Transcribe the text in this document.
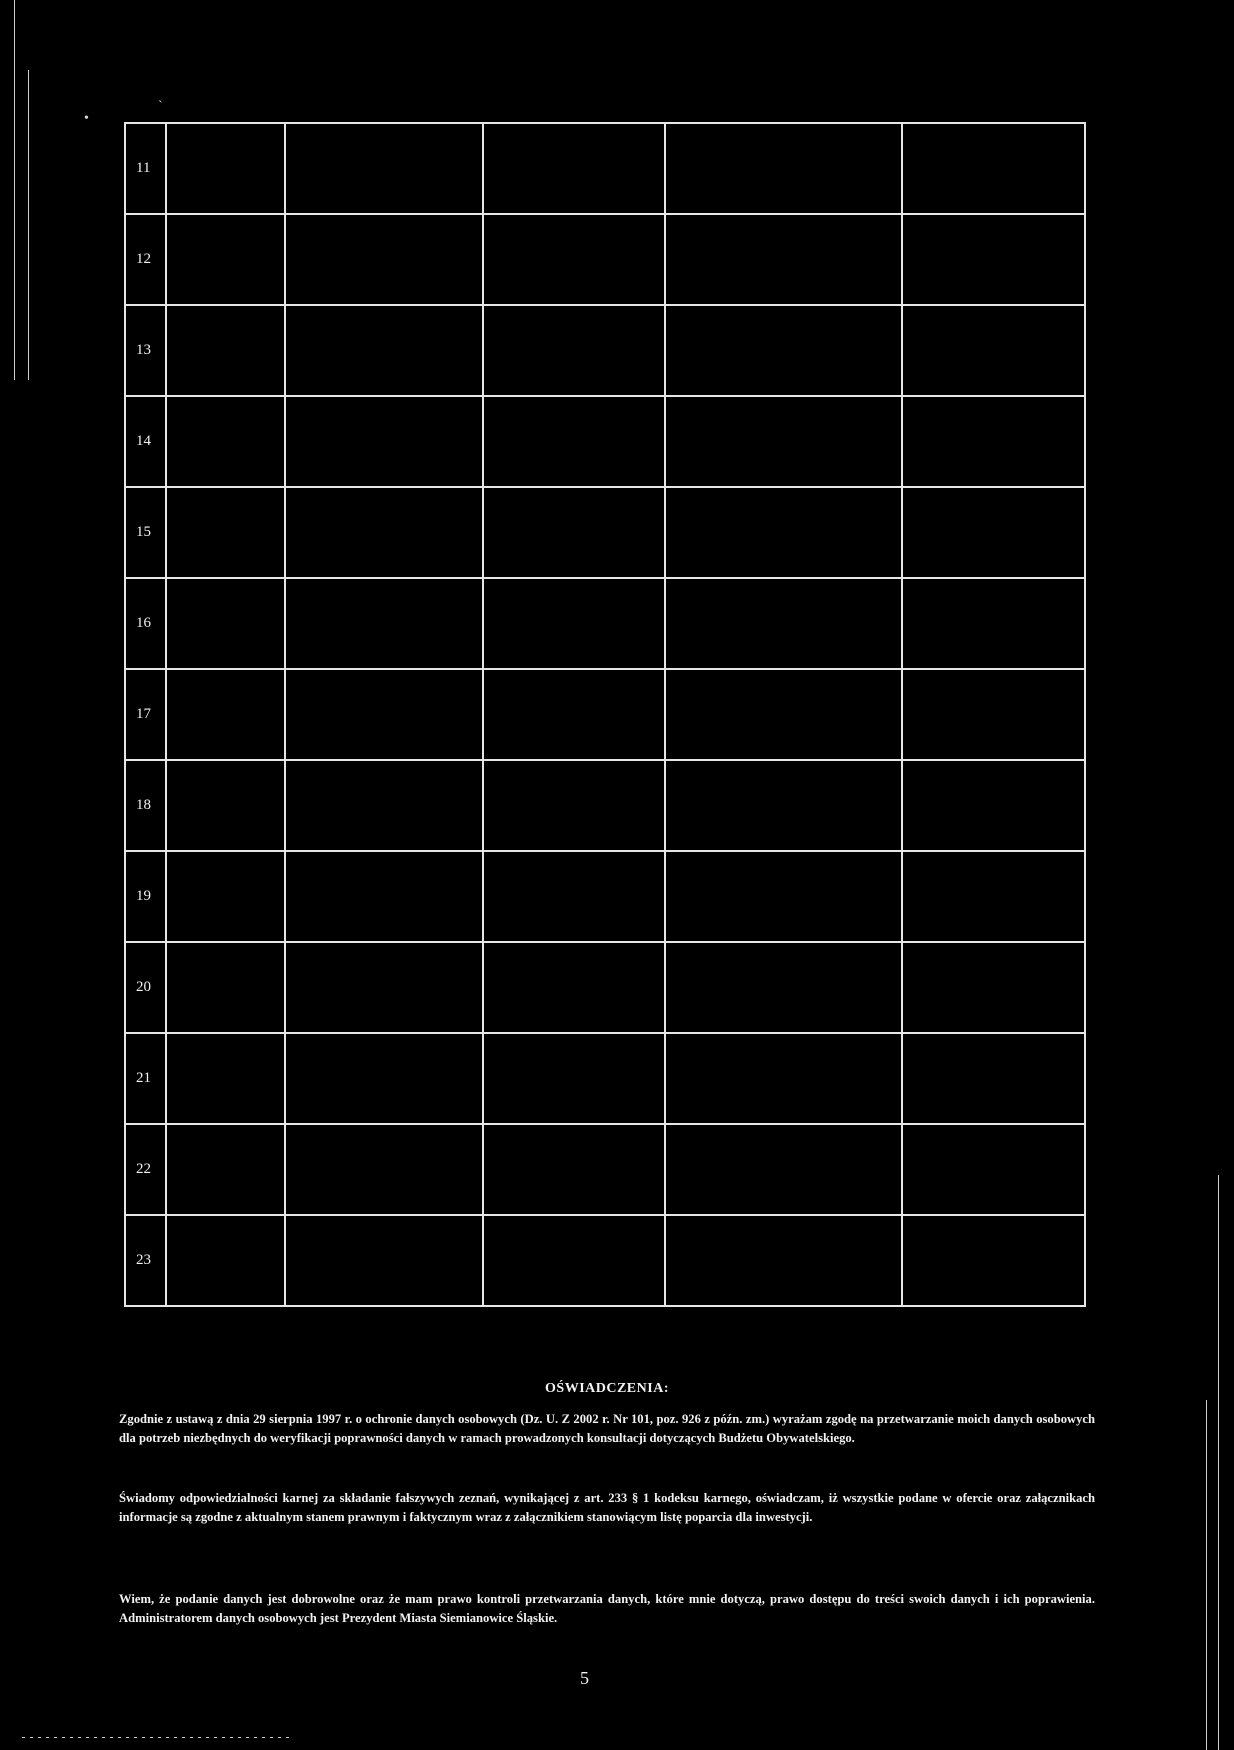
•
ˋ
11					
12					
13					
14					
15					
16					
17					
18					
19					
20					
21					
22					
23					
OŚWIADCZENIA:

Zgodnie z ustawą z dnia 29 sierpnia 1997 r. o ochronie danych osobowych (Dz. U. Z 2002 r. Nr 101, poz. 926 z późn. zm.) wyrażam zgodę na przetwarzanie moich danych osobowych dla potrzeb niezbędnych do weryfikacji poprawności danych w ramach prowadzonych konsultacji dotyczących Budżetu Obywatelskiego.

Świadomy odpowiedzialności karnej za składanie fałszywych zeznań, wynikającej z art. 233 § 1 kodeksu karnego, oświadczam, iż wszystkie podane w ofercie oraz załącznikach informacje są zgodne z aktualnym stanem prawnym i faktycznym wraz z załącznikiem stanowiącym listę poparcia dla inwestycji.

Wiem, że podanie danych jest dobrowolne oraz że mam prawo kontroli przetwarzania danych, które mnie dotyczą, prawo dostępu do treści swoich danych i ich poprawienia. Administratorem danych osobowych jest Prezydent Miasta Siemianowice Śląskie.

5
